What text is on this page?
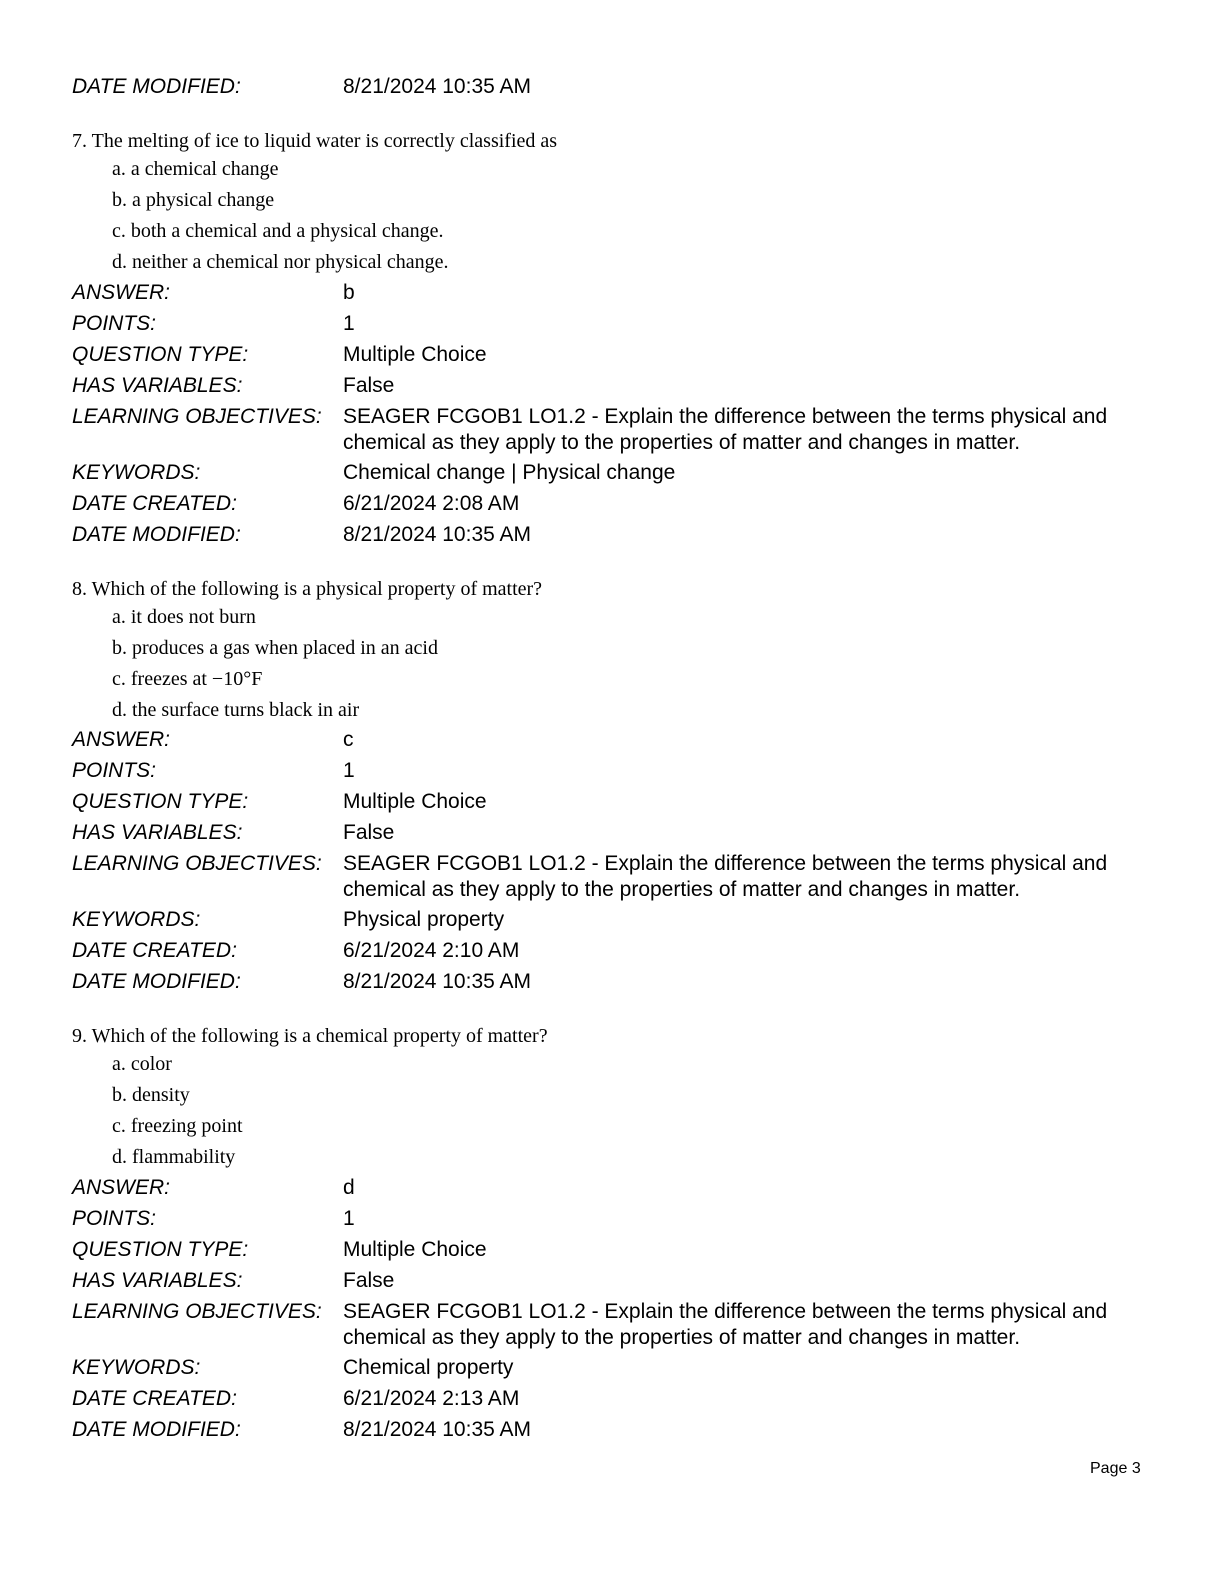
DATE MODIFIED:	8/21/2024 10:35 AM
7. The melting of ice to liquid water is correctly classified as
a. a chemical change
b. a physical change
c. both a chemical and a physical change.
d. neither a chemical nor physical change.
ANSWER:	b
POINTS:	1
QUESTION TYPE:	Multiple Choice
HAS VARIABLES:	False
LEARNING OBJECTIVES: SEAGER FCGOB1 LO1.2 - Explain the difference between the terms physical and chemical as they apply to the properties of matter and changes in matter.
KEYWORDS:	Chemical change | Physical change
DATE CREATED:	6/21/2024 2:08 AM
DATE MODIFIED:	8/21/2024 10:35 AM
8. Which of the following is a physical property of matter?
a. it does not burn
b. produces a gas when placed in an acid
c. freezes at −10°F
d. the surface turns black in air
ANSWER:	c
POINTS:	1
QUESTION TYPE:	Multiple Choice
HAS VARIABLES:	False
LEARNING OBJECTIVES: SEAGER FCGOB1 LO1.2 - Explain the difference between the terms physical and chemical as they apply to the properties of matter and changes in matter.
KEYWORDS:	Physical property
DATE CREATED:	6/21/2024 2:10 AM
DATE MODIFIED:	8/21/2024 10:35 AM
9. Which of the following is a chemical property of matter?
a. color
b. density
c. freezing point
d. flammability
ANSWER:	d
POINTS:	1
QUESTION TYPE:	Multiple Choice
HAS VARIABLES:	False
LEARNING OBJECTIVES: SEAGER FCGOB1 LO1.2 - Explain the difference between the terms physical and chemical as they apply to the properties of matter and changes in matter.
KEYWORDS:	Chemical property
DATE CREATED:	6/21/2024 2:13 AM
DATE MODIFIED:	8/21/2024 10:35 AM
Page 3
